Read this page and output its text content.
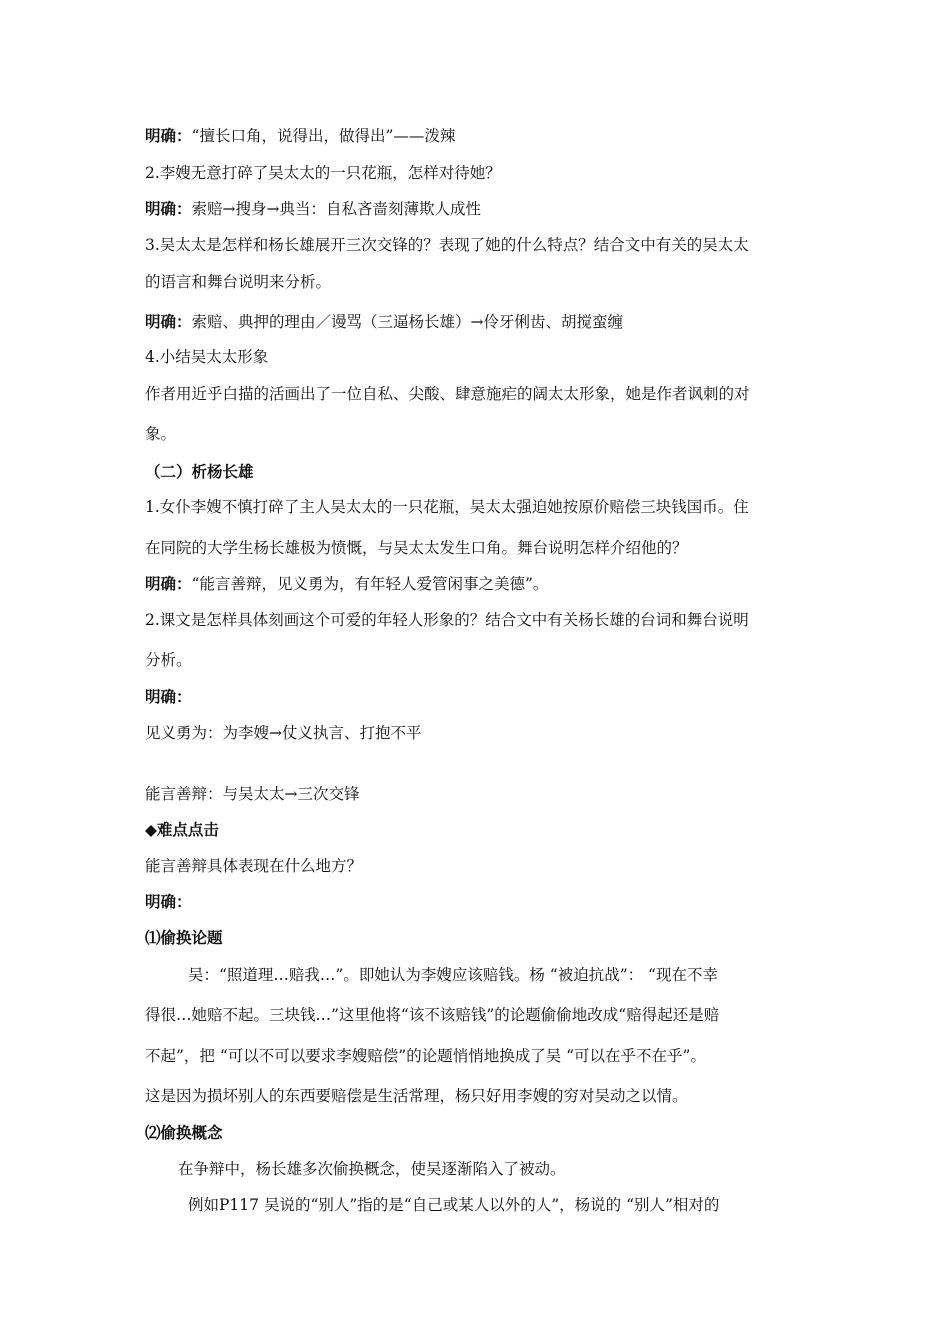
明确：“擅长口角，说得出，做得出”——泼辣
2.李嫂无意打碎了吴太太的一只花瓶，怎样对待她？
明确：索赔→搜身→典当：自私吝啬刻薄欺人成性
3.吴太太是怎样和杨长雄展开三次交锋的？表现了她的什么特点？结合文中有关的吴太太
的语言和舞台说明来分析。
明确：索赔、典押的理由／谩骂（三逼杨长雄）→伶牙俐齿、胡搅蛮缠
4.小结吴太太形象
作者用近乎白描的活画出了一位自私、尖酸、肆意施疟的阔太太形象，她是作者讽刺的对
象。
（二）析杨长雄
1.女仆李嫂不慎打碎了主人吴太太的一只花瓶，吴太太强迫她按原价赔偿三块钱国币。住
在同院的大学生杨长雄极为愤慨，与吴太太发生口角。舞台说明怎样介绍他的？
明确：“能言善辩，见义勇为，有年轻人爱管闲事之美德”。
2.课文是怎样具体刻画这个可爱的年轻人形象的？结合文中有关杨长雄的台词和舞台说明
分析。
明确：
见义勇为：为李嫂→仗义执言、打抱不平
能言善辩：与吴太太→三次交锋
◆难点点击
能言善辩具体表现在什么地方？
明确：
⑴偷换论题
吴：“照道理…赔我…”。即她认为李嫂应该赔钱。杨 “被迫抗战”： “现在不幸
得很…她赔不起。三块钱…”这里他将“该不该赔钱”的论题偷偷地改成“赔得起还是赔
不起”，把 “可以不可以要求李嫂赔偿”的论题悄悄地换成了吴 “可以在乎不在乎”。
这是因为损坏别人的东西要赔偿是生活常理，杨只好用李嫂的穷对吴动之以情。
⑵偷换概念
在争辩中，杨长雄多次偷换概念，使吴逐渐陷入了被动。
例如P117 吴说的“别人”指的是“自己或某人以外的人”，杨说的 “别人”相对的
